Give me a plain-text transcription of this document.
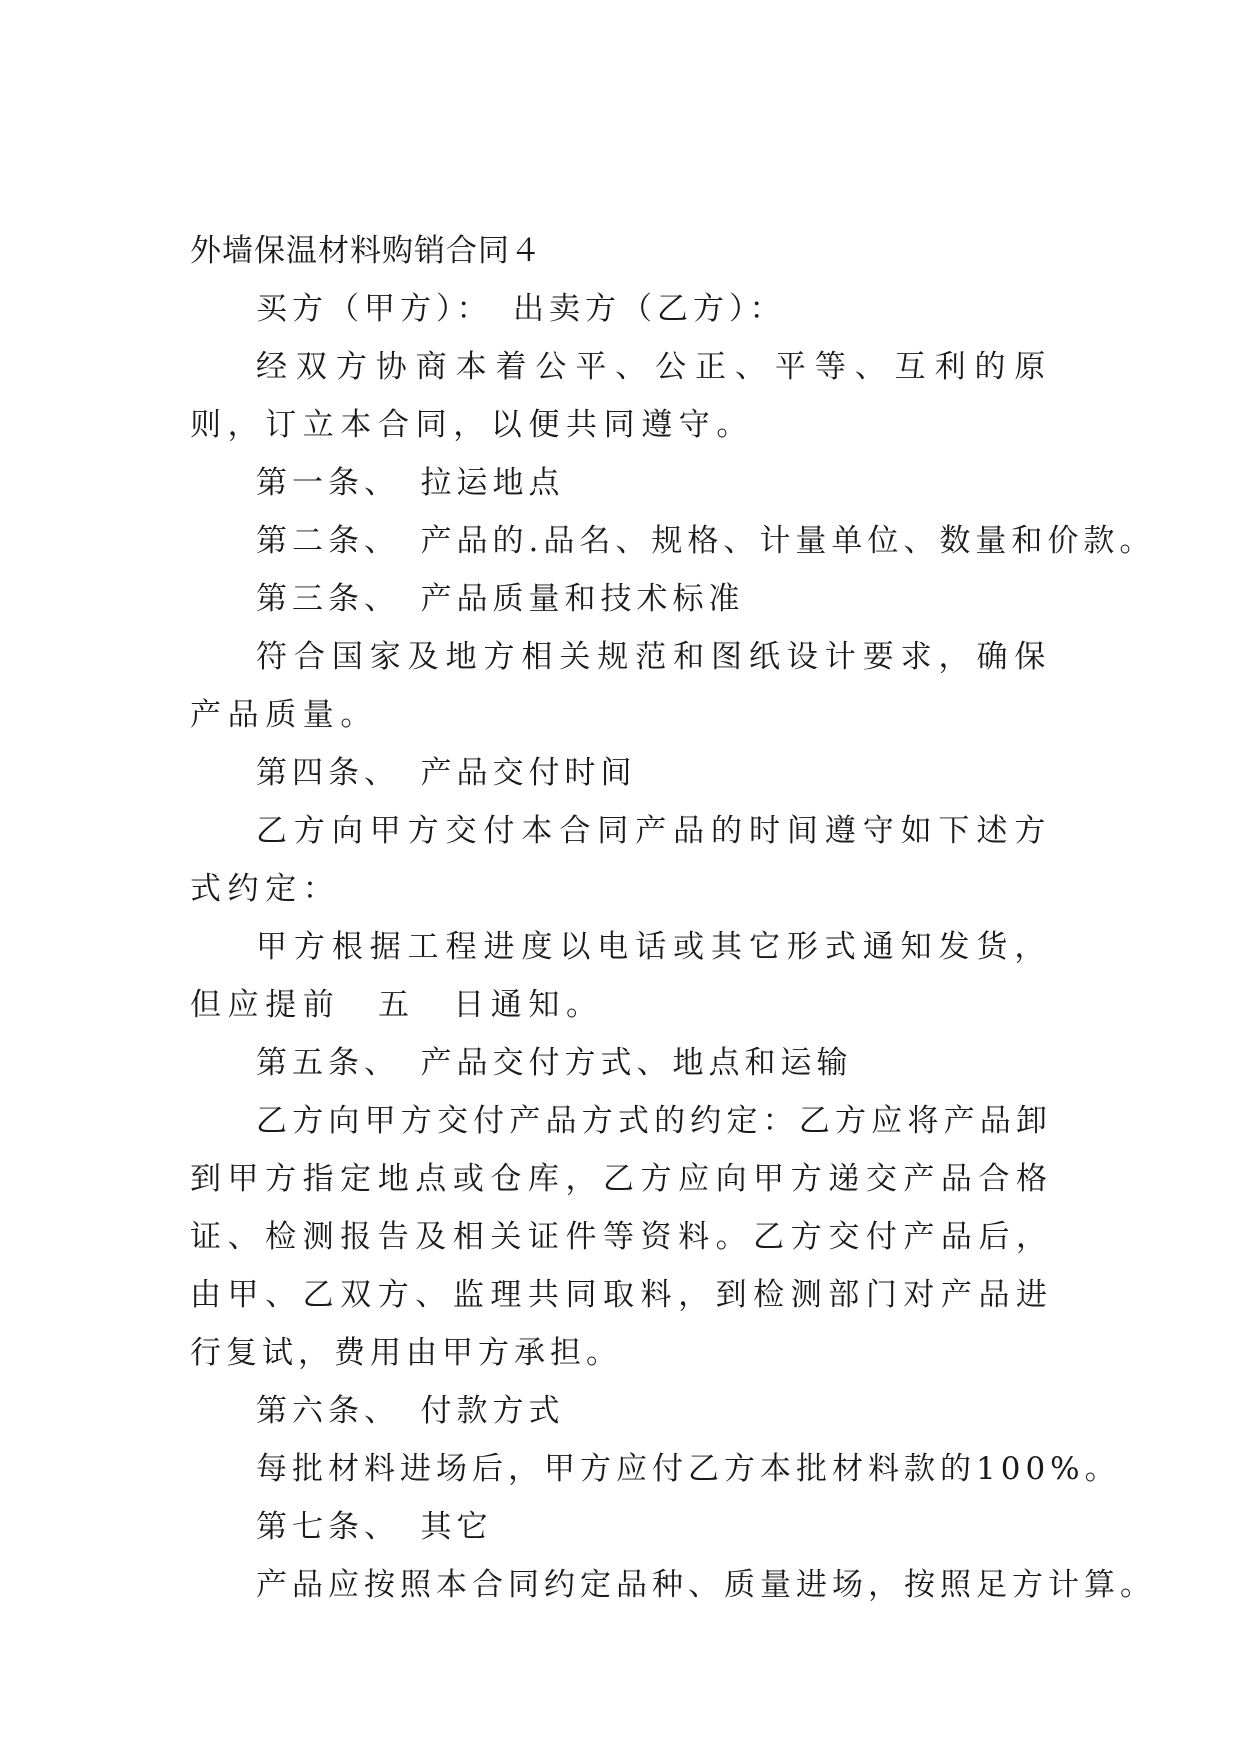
外墙保温材料购销合同４

买方（甲方）：　出卖方（乙方）：

经双方协商本着公平、公正、平等、互利的原则，订立本合同，以便共同遵守。

第一条、　拉运地点

第二条、　产品的.品名、规格、计量单位、数量和价款。

第三条、　产品质量和技术标准

符合国家及地方相关规范和图纸设计要求，确保产品质量。

第四条、　产品交付时间

乙方向甲方交付本合同产品的时间遵守如下述方式约定：

甲方根据工程进度以电话或其它形式通知发货，但应提前　五　日通知。

第五条、　产品交付方式、地点和运输

乙方向甲方交付产品方式的约定：乙方应将产品卸到甲方指定地点或仓库，乙方应向甲方递交产品合格证、检测报告及相关证件等资料。乙方交付产品后，由甲、乙双方、监理共同取料，到检测部门对产品进行复试，费用由甲方承担。

第六条、　付款方式

每批材料进场后，甲方应付乙方本批材料款的100%。

第七条、　其它

产品应按照本合同约定品种、质量进场，按照足方计算。
